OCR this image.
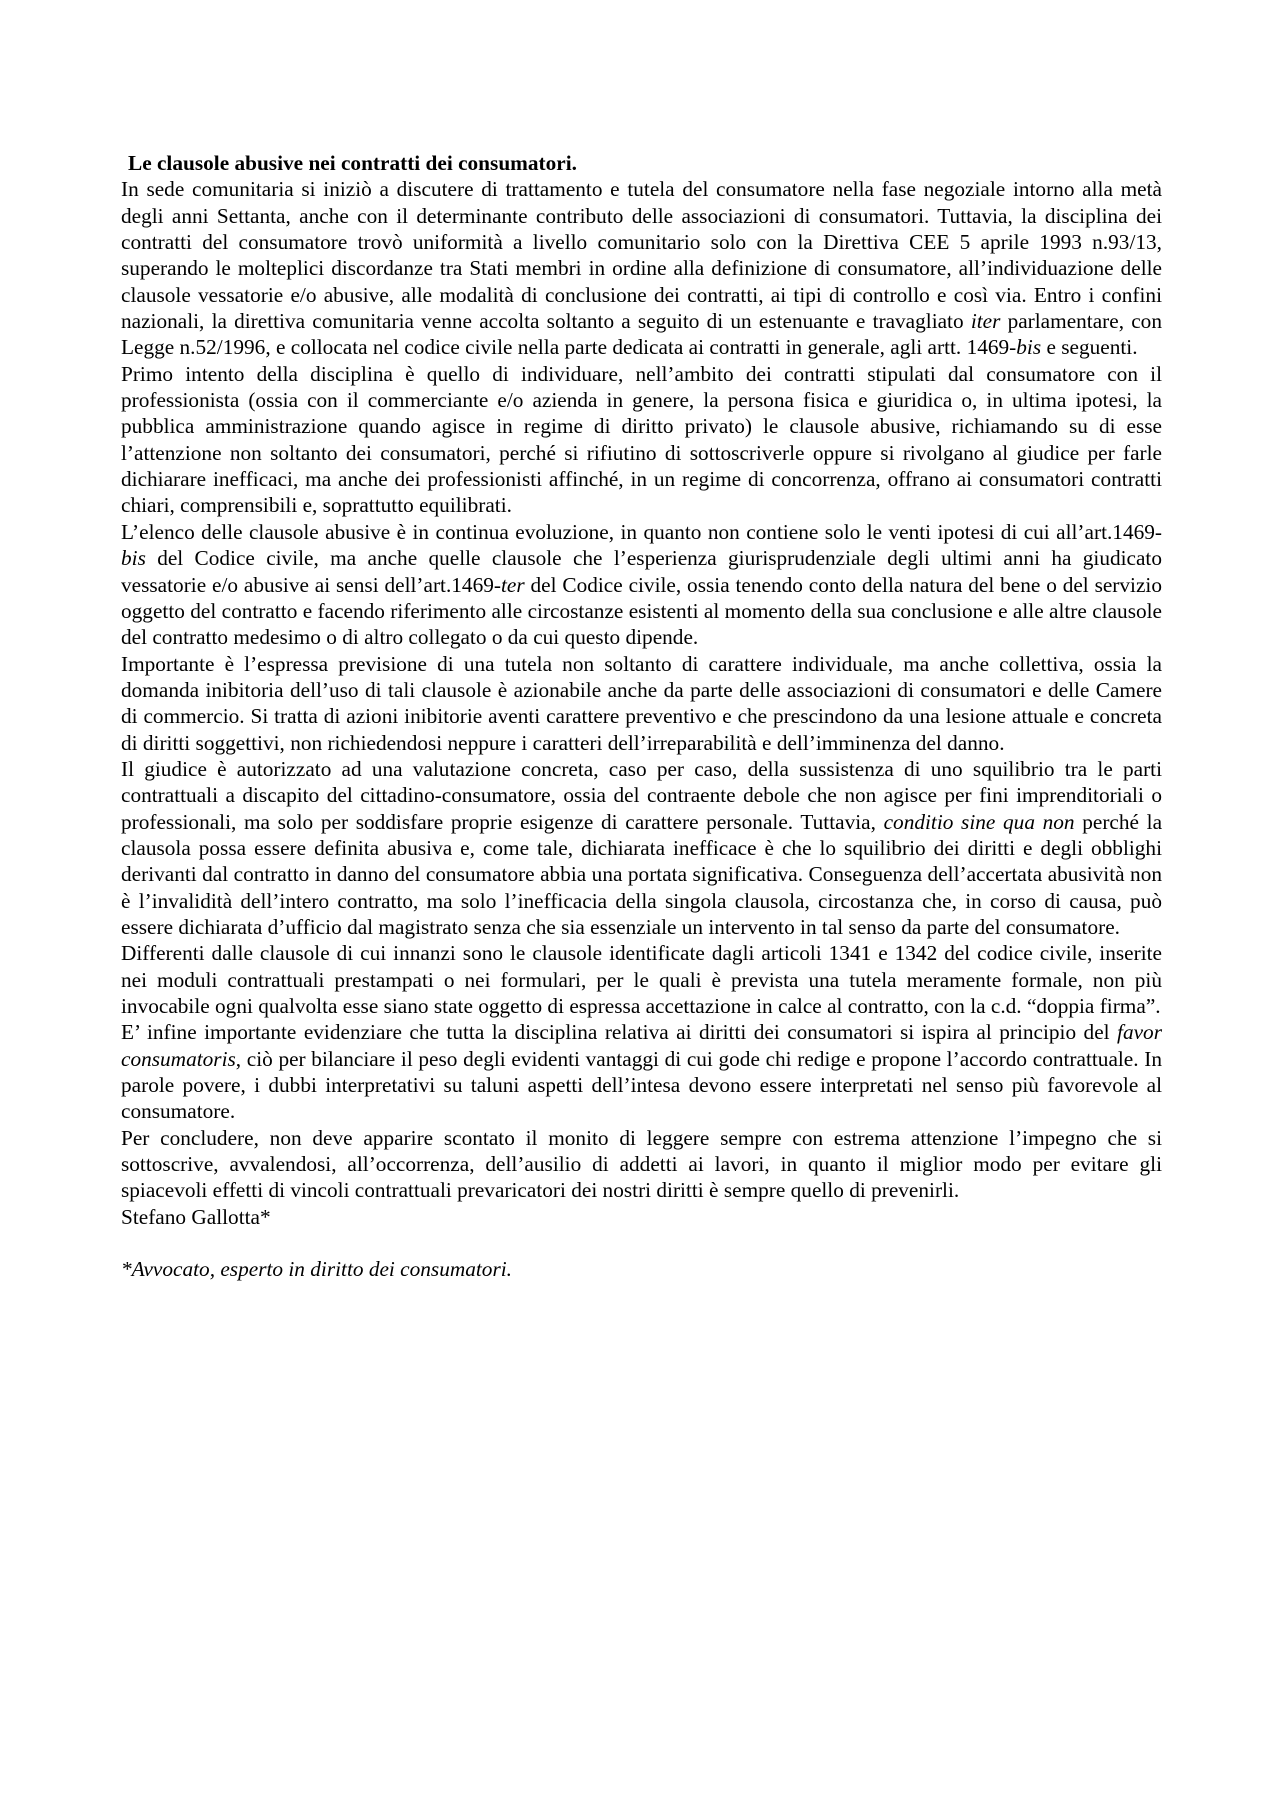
Le clausole abusive nei contratti dei consumatori.

In sede comunitaria si iniziò a discutere di trattamento e tutela del consumatore nella fase negoziale intorno alla metà degli anni Settanta, anche con il determinante contributo delle associazioni di consumatori. Tuttavia, la disciplina dei contratti del consumatore trovò uniformità a livello comunitario solo con la Direttiva CEE 5 aprile 1993 n.93/13, superando le molteplici discordanze tra Stati membri in ordine alla definizione di consumatore, all’individuazione delle clausole vessatorie e/o abusive, alle modalità di conclusione dei contratti, ai tipi di controllo e così via. Entro i confini nazionali, la direttiva comunitaria venne accolta soltanto a seguito di un estenuante e travagliato iter parlamentare, con Legge n.52/1996, e collocata nel codice civile nella parte dedicata ai contratti in generale, agli artt. 1469-bis e seguenti.

Primo intento della disciplina è quello di individuare, nell’ambito dei contratti stipulati dal consumatore con il professionista (ossia con il commerciante e/o azienda in genere, la persona fisica e giuridica o, in ultima ipotesi, la pubblica amministrazione quando agisce in regime di diritto privato) le clausole abusive, richiamando su di esse l’attenzione non soltanto dei consumatori, perché si rifiutino di sottoscriverle oppure si rivolgano al giudice per farle dichiarare inefficaci, ma anche dei professionisti affinché, in un regime di concorrenza, offrano ai consumatori contratti chiari, comprensibili e, soprattutto equilibrati.

L’elenco delle clausole abusive è in continua evoluzione, in quanto non contiene solo le venti ipotesi di cui all’art.1469-bis del Codice civile, ma anche quelle clausole che l’esperienza giurisprudenziale degli ultimi anni ha giudicato vessatorie e/o abusive ai sensi dell’art.1469-ter del Codice civile, ossia tenendo conto della natura del bene o del servizio oggetto del contratto e facendo riferimento alle circostanze esistenti al momento della sua conclusione e alle altre clausole del contratto medesimo o di altro collegato o da cui questo dipende.

Importante è l’espressa previsione di una tutela non soltanto di carattere individuale, ma anche collettiva, ossia la domanda inibitoria dell’uso di tali clausole è azionabile anche da parte delle associazioni di consumatori e delle Camere di commercio. Si tratta di azioni inibitorie aventi carattere preventivo e che prescindono da una lesione attuale e concreta di diritti soggettivi, non richiedendosi neppure i caratteri dell’irreparabilità e dell’imminenza del danno.

Il giudice è autorizzato ad una valutazione concreta, caso per caso, della sussistenza di uno squilibrio tra le parti contrattuali a discapito del cittadino-consumatore, ossia del contraente debole che non agisce per fini imprenditoriali o professionali, ma solo per soddisfare proprie esigenze di carattere personale. Tuttavia, conditio sine qua non perché la clausola possa essere definita abusiva e, come tale, dichiarata inefficace è che lo squilibrio dei diritti e degli obblighi derivanti dal contratto in danno del consumatore abbia una portata significativa. Conseguenza dell’accertata abusività non è l’invalidità dell’intero contratto, ma solo l’inefficacia della singola clausola, circostanza che, in corso di causa, può essere dichiarata d’ufficio dal magistrato senza che sia essenziale un intervento in tal senso da parte del consumatore.

Differenti dalle clausole di cui innanzi sono le clausole identificate dagli articoli 1341 e 1342 del codice civile, inserite nei moduli contrattuali prestampati o nei formulari, per le quali è prevista una tutela meramente formale, non più invocabile ogni qualvolta esse siano state oggetto di espressa accettazione in calce al contratto, con la c.d. “doppia firma”.

E’ infine importante evidenziare che tutta la disciplina relativa ai diritti dei consumatori si ispira al principio del favor consumatoris, ciò per bilanciare il peso degli evidenti vantaggi di cui gode chi redige e propone l’accordo contrattuale. In parole povere, i dubbi interpretativi su taluni aspetti dell’intesa devono essere interpretati nel senso più favorevole al consumatore.

Per concludere, non deve apparire scontato il monito di leggere sempre con estrema attenzione l’impegno che si sottoscrive, avvalendosi, all’occorrenza, dell’ausilio di addetti ai lavori, in quanto il miglior modo per evitare gli spiacevoli effetti di vincoli contrattuali prevaricatori dei nostri diritti è sempre quello di prevenirli.

Stefano Gallotta*

*Avvocato, esperto in diritto dei consumatori.
